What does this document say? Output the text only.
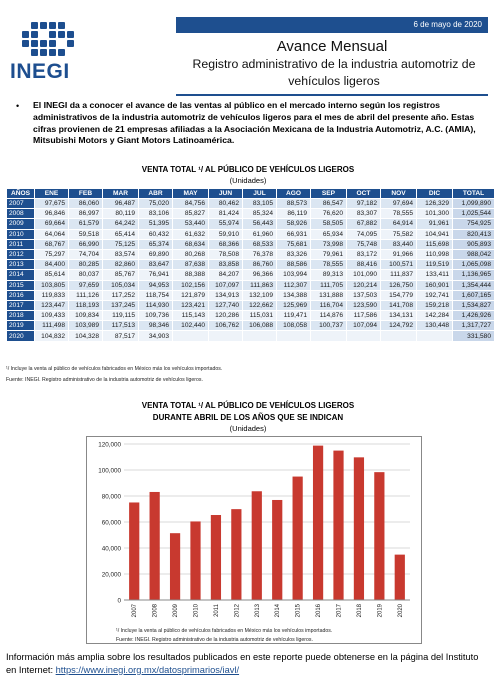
INEGI
6 de mayo de 2020
Avance Mensual
Registro administrativo de la industria automotriz de vehículos ligeros
•	El INEGI da a conocer el avance de las ventas al público en el mercado interno según los registros administrativos de la industria automotriz de vehículos ligeros para el mes de abril del presente año. Estas cifras provienen de 21 empresas afiliadas a la Asociación Mexicana de la Industria Automotriz, A.C. (AMIA), Mitsubishi Motors y Giant Motors Latinoamérica.
VENTA TOTAL ¹/ AL PÚBLICO DE VEHÍCULOS LIGEROS
(Unidades)
AÑOS	ENE	FEB	MAR	ABR	MAY	JUN	JUL	AGO	SEP	OCT	NOV	DIC	TOTAL
2007	97,675	86,060	96,487	75,020	84,756	80,462	83,105	88,573	86,547	97,182	97,694	126,329	1,099,890
2008	96,846	86,997	80,119	83,106	85,827	81,424	85,324	86,119	76,620	83,307	78,555	101,300	1,025,544
2009	69,664	61,579	64,242	51,395	53,440	55,974	56,443	58,926	58,505	67,882	64,914	91,961	754,925
2010	64,064	59,518	65,414	60,432	61,632	59,910	61,960	66,931	65,934	74,095	75,582	104,941	820,413
2011	68,767	66,990	75,125	65,374	68,634	68,366	68,533	75,681	73,998	75,748	83,440	115,698	905,893
2012	75,297	74,704	83,574	69,890	80,268	78,508	76,378	83,326	79,961	83,172	91,966	110,998	988,042
2013	84,400	80,285	82,860	83,647	87,638	83,858	86,760	88,586	78,555	88,416	100,571	119,519	1,065,098
2014	85,614	80,037	85,767	76,941	88,388	84,207	96,366	103,994	89,313	101,090	111,837	133,411	1,136,965
2015	103,805	97,659	105,034	94,953	102,156	107,097	111,863	112,307	111,705	120,214	126,750	160,901	1,354,444
2016	119,833	111,126	117,252	118,754	121,879	134,913	132,109	134,388	131,888	137,503	154,779	192,741	1,607,165
2017	123,447	118,193	137,245	114,930	123,421	127,740	122,662	125,969	116,704	123,590	141,708	159,218	1,534,827
2018	109,433	109,834	119,115	109,736	115,143	120,286	115,031	119,471	114,876	117,586	134,131	142,284	1,426,926
2019	111,498	103,989	117,513	98,346	102,440	106,762	106,088	108,058	100,737	107,094	124,792	130,448	1,317,727
2020	104,832	104,328	87,517	34,903									331,580
¹/ Incluye la venta al público de vehículos fabricados en México más los vehículos importados.
Fuente: INEGI. Registro administrativo de la industria automotriz de vehículos ligeros.
VENTA TOTAL ¹/ AL PÚBLICO DE VEHÍCULOS LIGEROS
DURANTE ABRIL DE LOS AÑOS QUE SE INDICAN
(Unidades)
0
20,000
40,000
60,000
80,000
100,000
120,000
2007 2008 2009 2010 2011 2012 2013 2014 2015 2016 2017 2018 2019 2020
¹/ Incluye la venta al público de vehículos fabricados en México más los vehículos importados.
Fuente: INEGI. Registro administrativo de la industria automotriz de vehículos ligeros.
Información más amplia sobre los resultados publicados en este reporte puede obtenerse en la página del Instituto en Internet: https://www.inegi.org.mx/datosprimarios/iavl/
